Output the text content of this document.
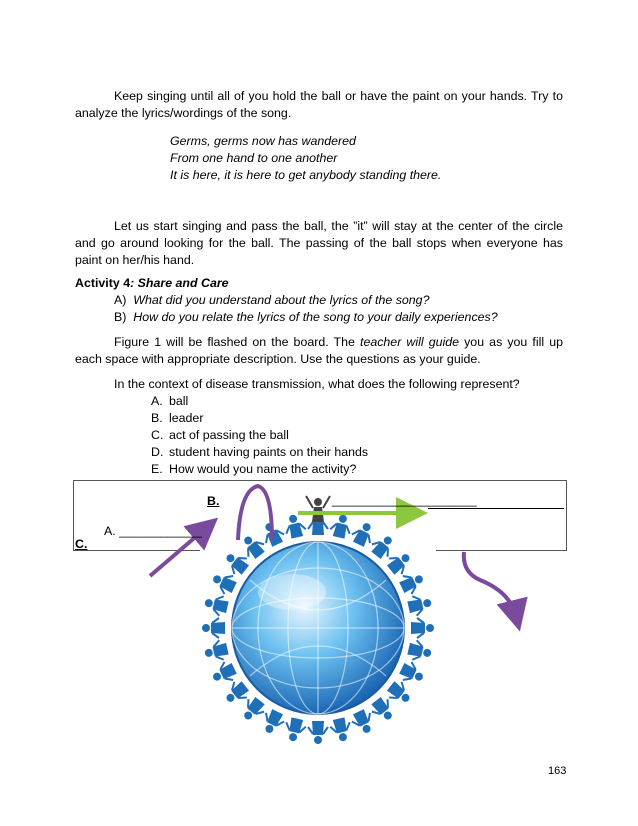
Keep singing until all of you hold the ball or have the paint on your hands. Try to analyze the lyrics/wordings of the song.
Germs, germs now has wandered
From one hand to one another
It is here, it is here to get anybody standing there.
Let us start singing and pass the ball, the ”it” will stay at the center of the circle and go around looking for the ball. The passing of the ball stops when everyone has paint on her/his hand.
Activity 4: Share and Care
A) What did you understand about the lyrics of the song?
B) How do you relate the lyrics of the song to your daily experiences?
Figure 1 will be flashed on the board. The teacher will guide you as you fill up each space with appropriate description. Use the questions as your guide.
In the context of disease transmission, what does the following represent?
A. ball
B. leader
C. act of passing the ball
D. student having paints on their hands
E. How would you name the activity?
B.	_____________________
A. ____________
C.
163
